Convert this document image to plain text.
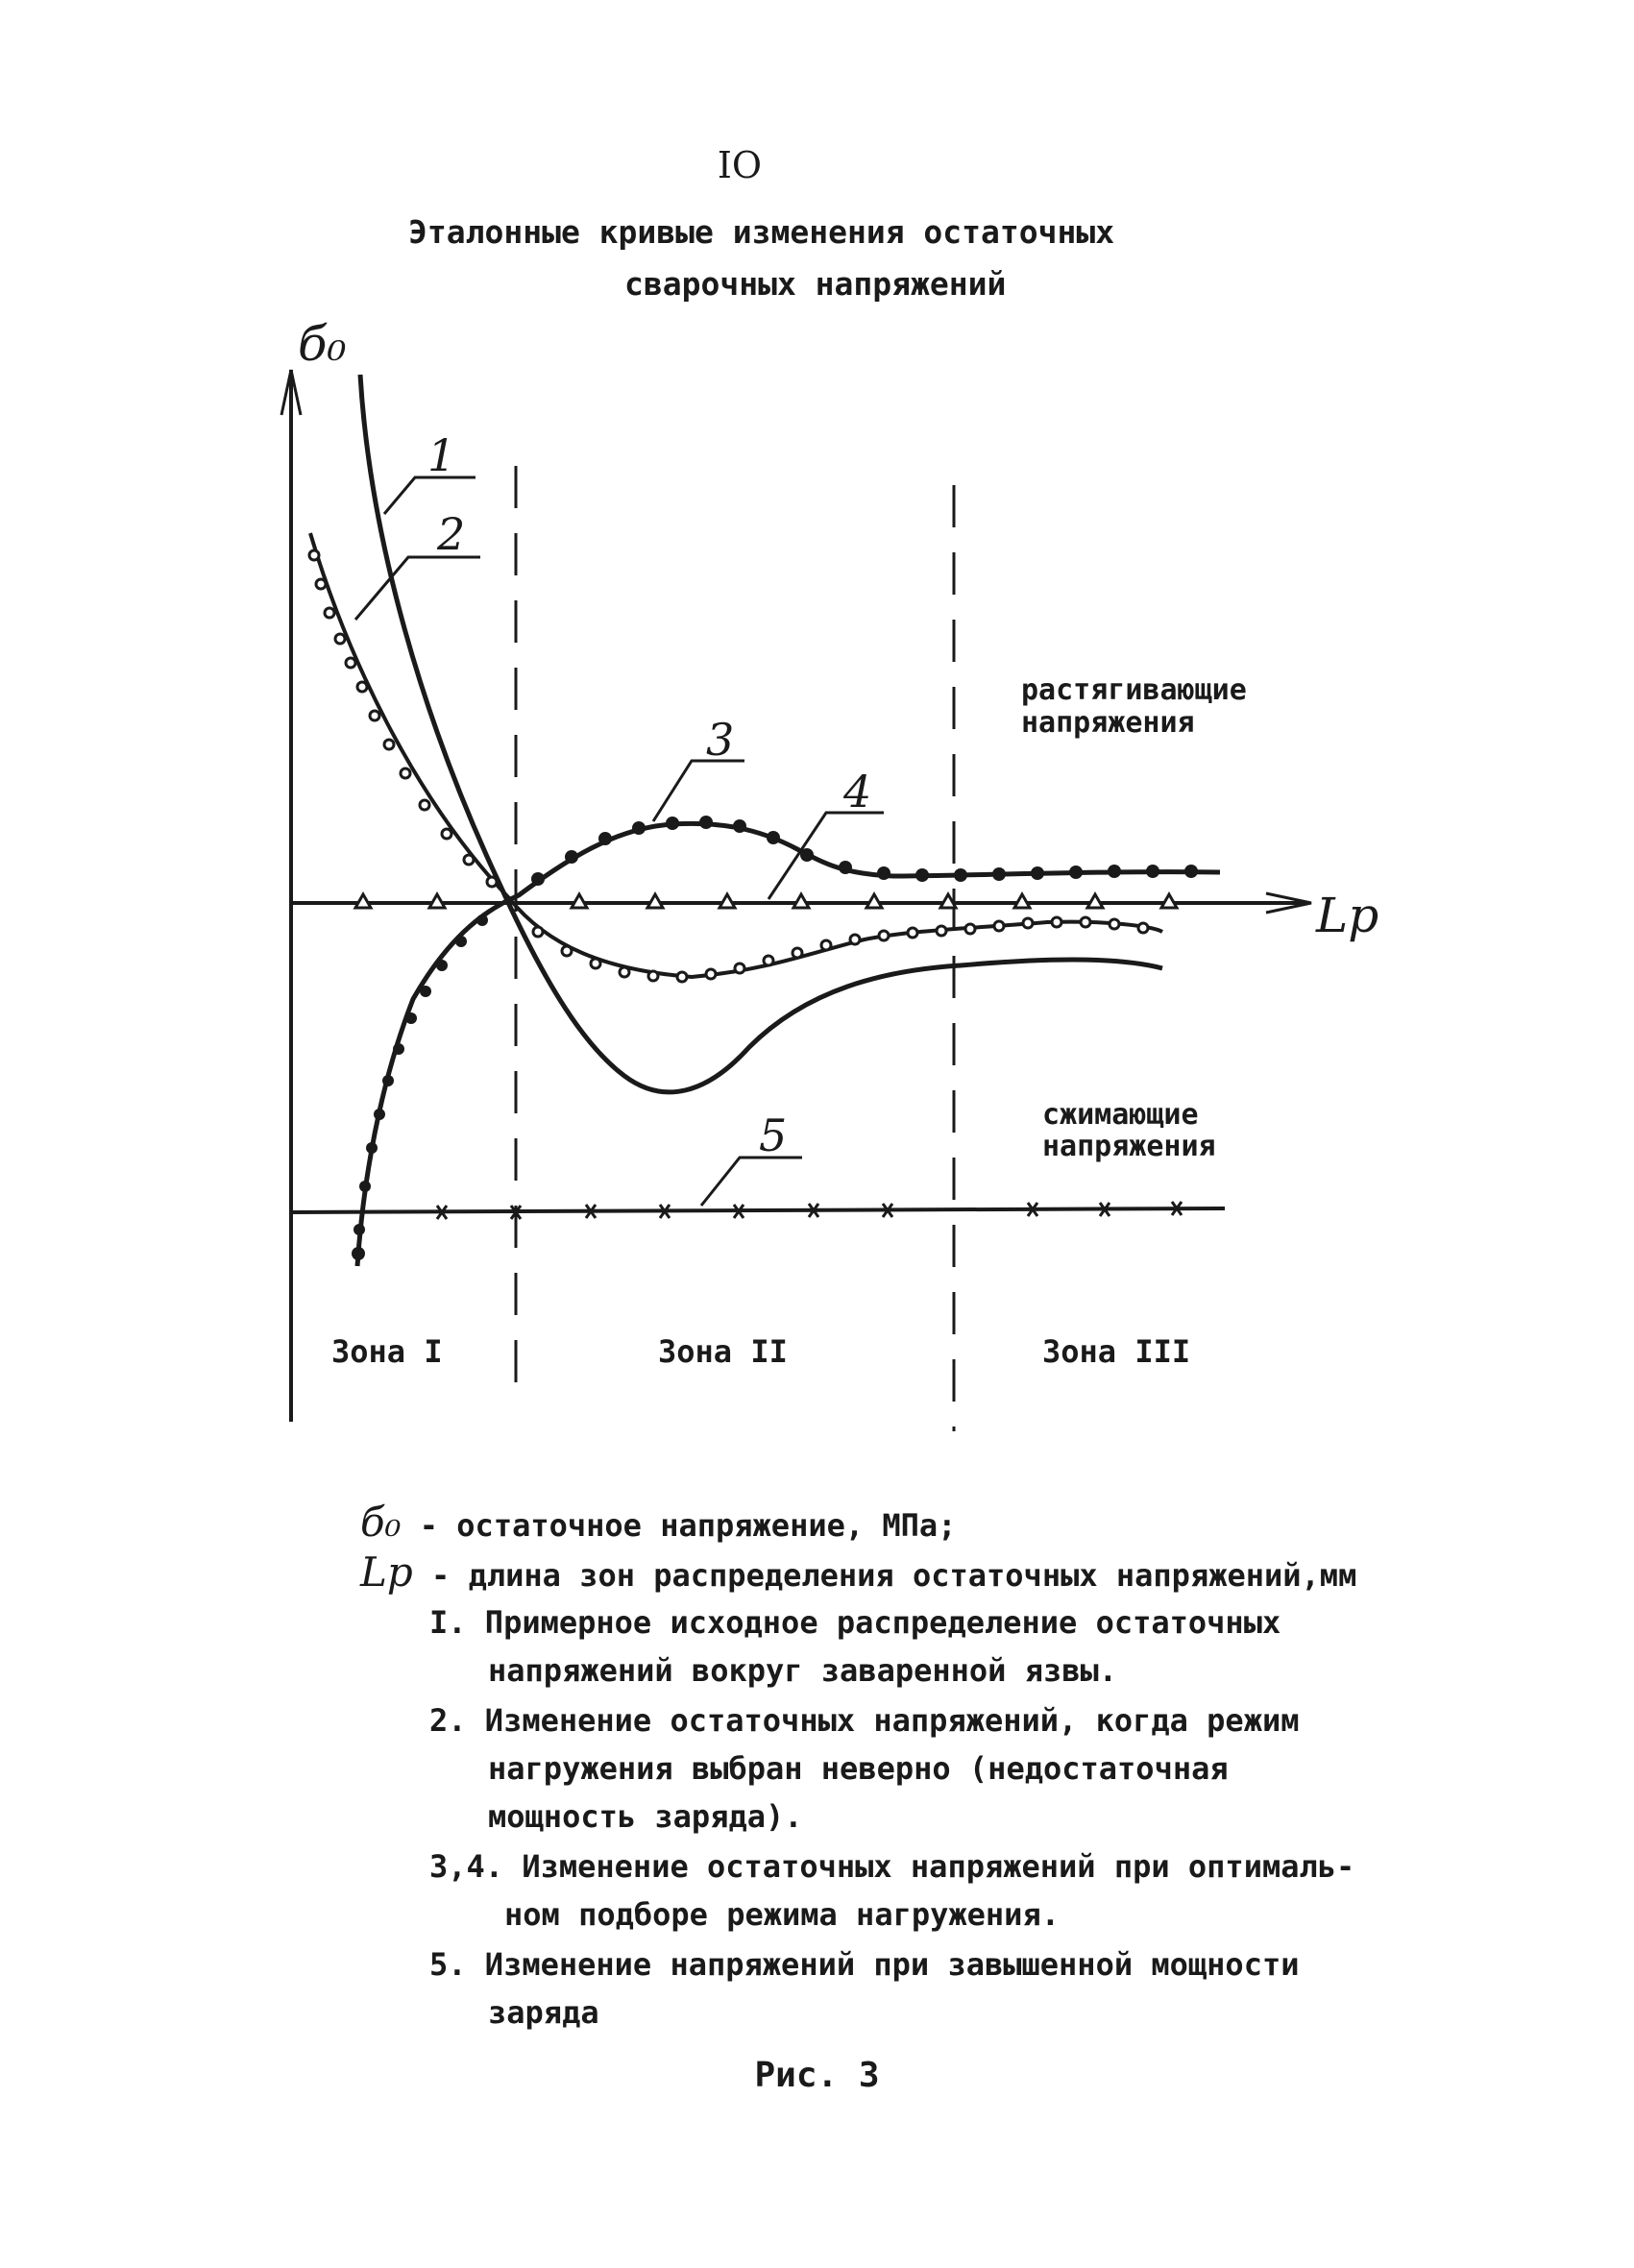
IO
Эталонные кривые изменения остаточных
сварочных напряжений
б₀
Lp
1
2
3
4
5
растягивающие
напряжения
сжимающие
напряжения
Зона I	Зона II	Зона III
б₀ - остаточное напряжение, МПа;
Lp - длина зон распределения остаточных напряжений,мм
I. Примерное исходное распределение остаточных
напряжений вокруг заваренной язвы.
2. Изменение остаточных напряжений, когда режим
нагружения выбран неверно (недостаточная
мощность заряда).
3,4. Изменение остаточных напряжений при оптималь-
ном подборе режима нагружения.
5. Изменение напряжений при завышенной мощности
заряда
Рис. 3
